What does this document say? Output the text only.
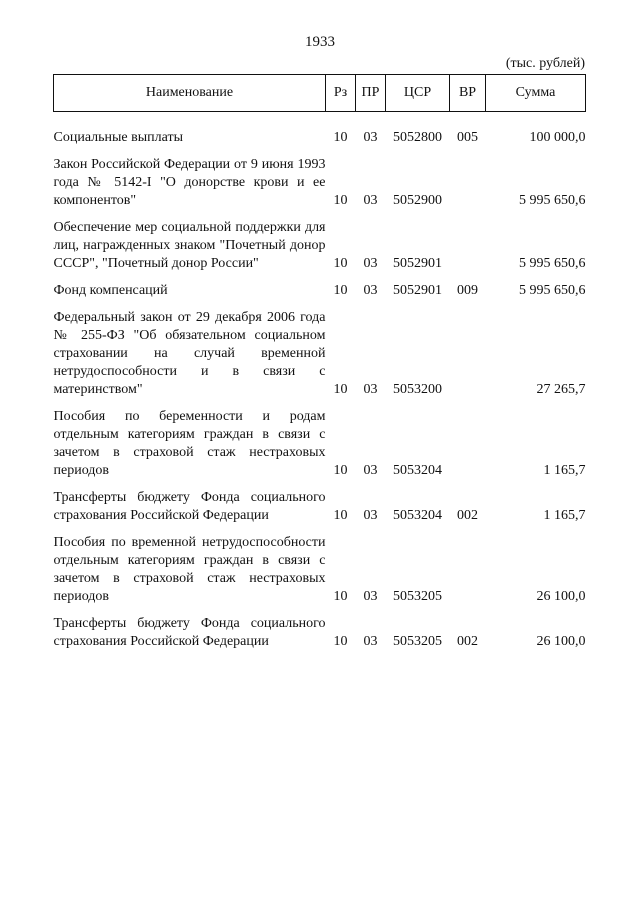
1933
(тыс. рублей)
Наименование	Рз	ПР	ЦСР	ВР	Сумма
Социальные выплаты	10	03	5052800	005	100 000,0
Закон Российской Федерации от 9 июня 1993 года № 5142-I "О донорстве крови и ее компонентов"	10	03	5052900		5 995 650,6
Обеспечение мер социальной поддержки для лиц, награжденных знаком "Почетный донор СССР", "Почетный донор России"	10	03	5052901		5 995 650,6
Фонд компенсаций	10	03	5052901	009	5 995 650,6
Федеральный закон от 29 декабря 2006 года № 255-ФЗ "Об обязательном социальном страховании на случай временной нетрудоспособности и в связи с материнством"	10	03	5053200		27 265,7
Пособия по беременности и родам отдельным категориям граждан в связи с зачетом в страховой стаж нестраховых периодов	10	03	5053204		1 165,7
Трансферты бюджету Фонда социального страхования Российской Федерации	10	03	5053204	002	1 165,7
Пособия по временной нетрудоспособности отдельным категориям граждан в связи с зачетом в страховой стаж нестраховых периодов	10	03	5053205		26 100,0
Трансферты бюджету Фонда социального страхования Российской Федерации	10	03	5053205	002	26 100,0
